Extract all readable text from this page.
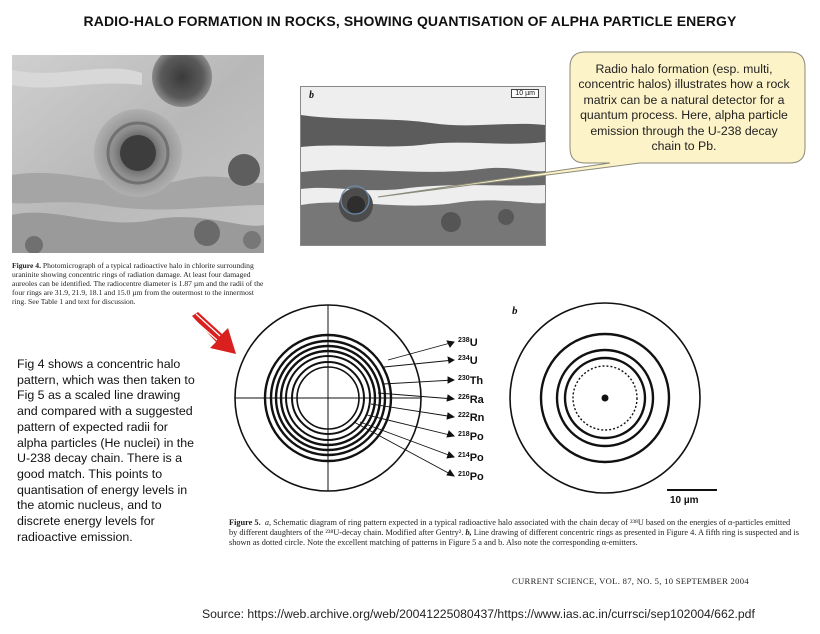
RADIO-HALO FORMATION IN ROCKS, SHOWING QUANTISATION OF ALPHA PARTICLE ENERGY
Figure 4. Photomicrograph of a typical radioactive halo in chlorite surrounding uraninite showing concentric rings of radiation damage. At least four damaged aureoles can be identified. The radiocentre diameter is 1.87 µm and the radii of the four rings are 31.9, 21.9, 18.1 and 15.0 µm from the outermost to the innermost ring. See Table 1 and text for discussion.
b	10 µm
Radio halo formation (esp. multi, concentric halos) illustrates how a rock matrix can be a natural detector for a quantum process. Here, alpha particle emission through the U-238 decay chain to Pb.
$^{238}$U
$^{234}$U
$^{230}$Th
$^{226}$Ra
$^{222}$Rn
$^{218}$Po
$^{214}$Po
$^{210}$Po
b
10 µm
Fig 4 shows a concentric halo pattern, which was then taken to Fig 5 as a scaled line drawing and compared with a suggested pattern of expected radii for alpha particles (He nuclei) in the U-238 decay chain. There is a good match. This points to quantisation of energy levels in the atomic nucleus, and to discrete energy levels for radioactive emission.
Figure 5. a, Schematic diagram of ring pattern expected in a typical radioactive halo associated with the chain decay of ²³⁸U based on the energies of α-particles emitted by different daughters of the ²³⁸U-decay chain. Modified after Gentry². b, Line drawing of different concentric rings as presented in Figure 4. A fifth ring is suspected and is shown as dotted circle. Note the excellent matching of patterns in Figure 5 a and b. Also note the corresponding α-emitters.
CURRENT SCIENCE, VOL. 87, NO. 5, 10 SEPTEMBER 2004
Source: https://web.archive.org/web/20041225080437/https://www.ias.ac.in/currsci/sep102004/662.pdf
